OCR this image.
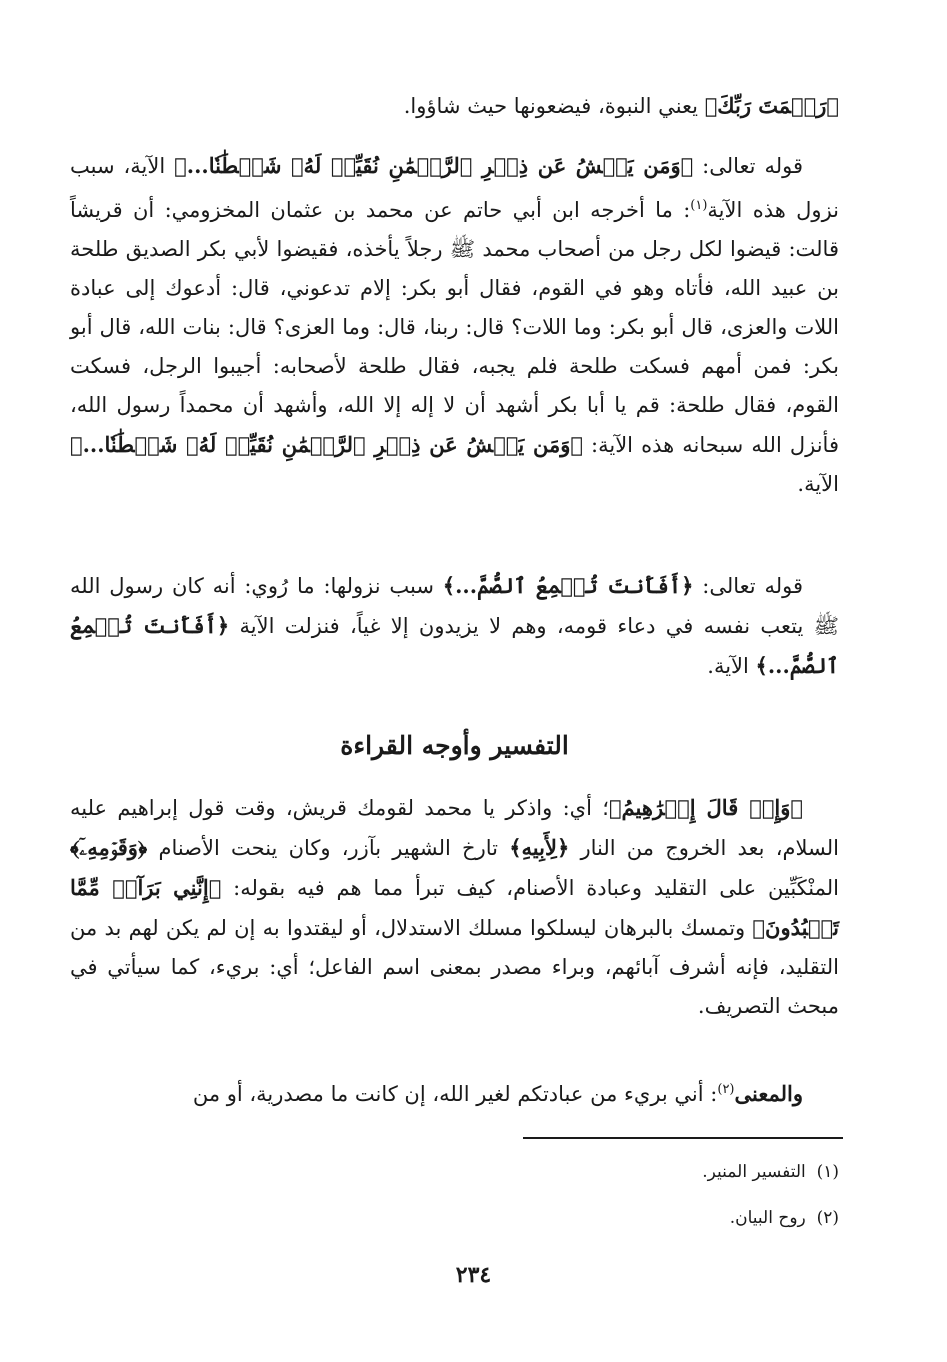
﴿رَحۡمَتَ رَبِّكَ﴾ يعني النبوة، فيضعونها حيث شاؤوا.

قوله تعالى: ﴿وَمَن يَعۡشُ عَن ذِكۡرِ ٱلرَّحۡمَٰنِ نُقَيِّضۡ لَهُۥ شَيۡطَٰنٗا...﴾ الآية، سبب نزول هذه الآية$^{(١)}$: ما أخرجه ابن أبي حاتم عن محمد بن عثمان المخزومي: أن قريشاً قالت: قيضوا لكل رجل من أصحاب محمد ﷺ رجلاً يأخذه، فقيضوا لأبي بكر الصديق طلحة بن عبيد الله، فأتاه وهو في القوم، فقال أبو بكر: إلام تدعوني، قال: أدعوك إلى عبادة اللات والعزى، قال أبو بكر: وما اللات؟ قال: ربنا، قال: وما العزى؟ قال: بنات الله، قال أبو بكر: فمن أمهم فسكت طلحة فلم يجبه، فقال طلحة لأصحابه: أجيبوا الرجل، فسكت القوم، فقال طلحة: قم يا أبا بكر أشهد أن لا إله إلا الله، وأشهد أن محمداً رسول الله، فأنزل الله سبحانه هذه الآية: ﴿وَمَن يَعۡشُ عَن ذِكۡرِ ٱلرَّحۡمَٰنِ نُقَيِّضۡ لَهُۥ شَيۡطَٰنٗا...﴾ الآية.

قوله تعالى: ﴿أَفَأَنتَ تُسۡمِعُ ٱلصُّمَّ...﴾ سبب نزولها: ما رُوي: أنه كان رسول الله ﷺ يتعب نفسه في دعاء قومه، وهم لا يزيدون إلا غياً، فنزلت الآية ﴿أَفَأَنتَ تُسۡمِعُ ٱلصُّمَّ...﴾ الآية.

التفسير وأوجه القراءة

﴿وَإِذۡ قَالَ إِبۡرَٰهِيمُ﴾؛ أي: واذكر يا محمد لقومك قريش، وقت قول إبراهيم عليه السلام، بعد الخروج من النار ﴿لِأَبِيهِ﴾ تارخ الشهير بآزر، وكان ينحت الأصنام ﴿وَقَوۡمِهِۦٓ﴾ المنْكَبِّين على التقليد وعبادة الأصنام، كيف تبرأ مما هم فيه بقوله: ﴿إِنَّنِي بَرَآءٞ مِّمَّا تَعۡبُدُونَ﴾ وتمسك بالبرهان ليسلكوا مسلك الاستدلال، أو ليقتدوا به إن لم يكن لهم بد من التقليد، فإنه أشرف آبائهم، وبراء مصدر بمعنى اسم الفاعل؛ أي: بريء، كما سيأتي في مبحث التصريف.

والمعنى$^{(٢)}$: أني بريء من عبادتكم لغير الله، إن كانت ما مصدرية، أو من

(١)  التفسير المنير.
(٢)  روح البيان.
٢٣٤
